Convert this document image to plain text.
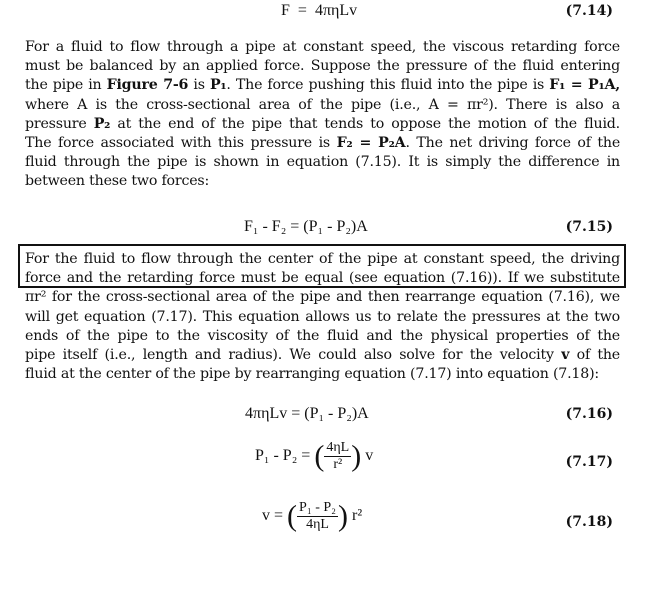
F = 4πηLv	(7.14)
For a fluid to flow through a pipe at constant speed, the viscous retarding force
must be balanced by an applied force. Suppose the pressure of the fluid entering
the pipe in Figure 7-6 is P₁. The force pushing this fluid into the pipe is F₁ = P₁A,
where A is the cross-sectional area of the pipe (i.e., A = πr²). There is also a
pressure P₂ at the end of the pipe that tends to oppose the motion of the fluid.
The force associated with this pressure is F₂ = P₂A. The net driving force of the
fluid through the pipe is shown in equation (7.15). It is simply the difference in
between these two forces:
F₁ - F₂ = (P₁ - P₂)A	(7.15)
For the fluid to flow through the center of the pipe at constant speed, the driving
force and the retarding force must be equal (see equation (7.16)). If we substitute
πr² for the cross-sectional area of the pipe and then rearrange equation (7.16), we
will get equation (7.17). This equation allows us to relate the pressures at the two
ends of the pipe to the viscosity of the fluid and the physical properties of the
pipe itself (i.e., length and radius). We could also solve for the velocity v of the
fluid at the center of the pipe by rearranging equation (7.17) into equation (7.18):
4πηLv = (P₁ - P₂)A	(7.16)
P₁ - P₂ = ( $\frac{4\eta L}{\text{r²}}$ ) v	(7.17)
v = ( $\frac{\text{P₁ - P₂}}{4\eta L}$ ) r²	(7.18)
